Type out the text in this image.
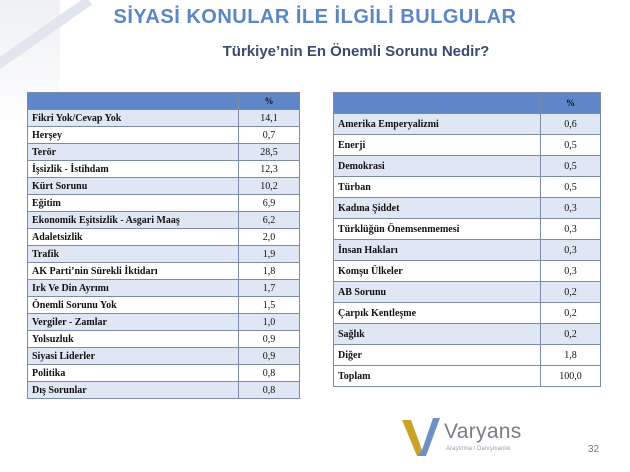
SİYASİ KONULAR İLE İLGİLİ BULGULAR
Türkiye’nin En Önemli Sorunu Nedir?
	%
Fikri Yok/Cevap Yok	14,1
Herşey	0,7
Terör	28,5
İşsizlik - İstihdam	12,3
Kürt Sorunu	10,2
Eğitim	6,9
Ekonomik Eşitsizlik - Asgari Maaş	6,2
Adaletsizlik	2,0
Trafik	1,9
AK Parti’nin Sürekli İktidarı	1,8
Irk Ve Din Ayrımı	1,7
Önemli Sorunu Yok	1,5
Vergiler - Zamlar	1,0
Yolsuzluk	0,9
Siyasi Liderler	0,9
Politika	0,8
Dış Sorunlar	0,8
	%
Amerika Emperyalizmi	0,6
Enerji	0,5
Demokrasi	0,5
Türban	0,5
Kadına Şiddet	0,3
Türklüğün Önemsenmemesi	0,3
İnsan Hakları	0,3
Komşu Ülkeler	0,3
AB Sorunu	0,2
Çarpık Kentleşme	0,2
Sağlık	0,2
Diğer	1,8
Toplam	100,0
Varyans
Araştırma / Danışmanlık	32
